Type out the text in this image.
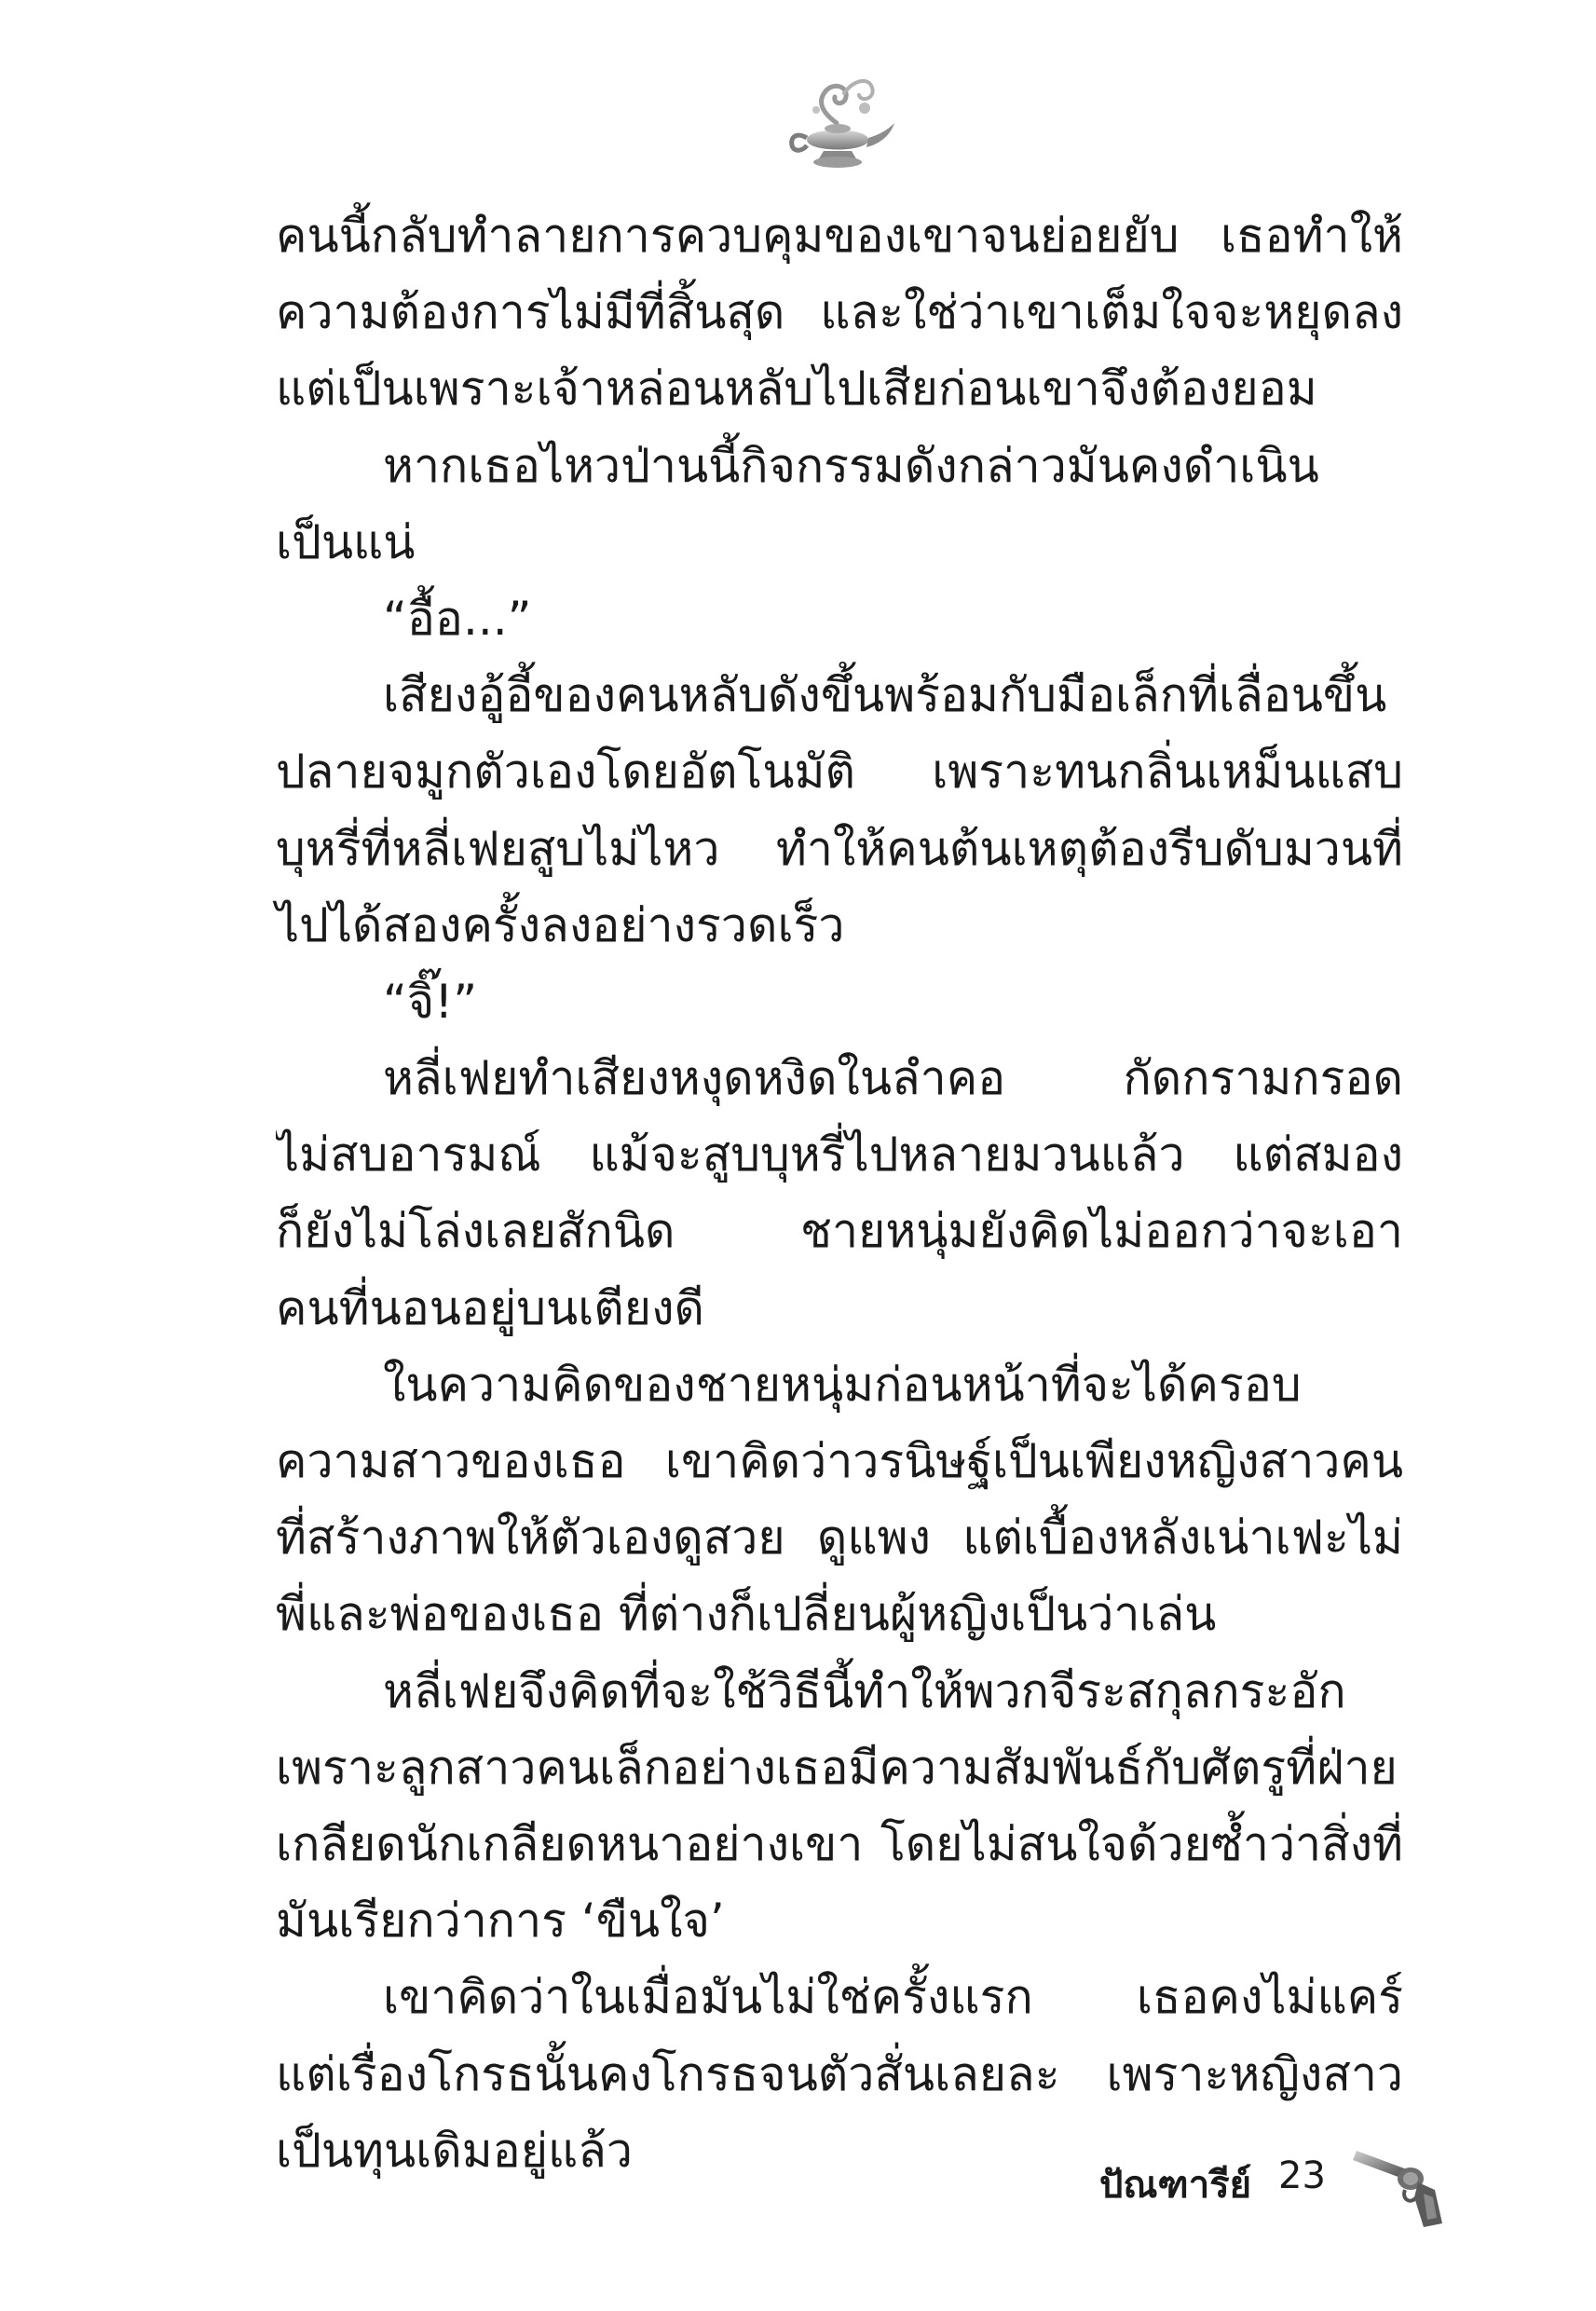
คนนี้กลับทำลายการควบคุมของเขาจนย่อยยับ เธอทำให้
ความต้องการไม่มีที่สิ้นสุด และใช่ว่าเขาเต็มใจจะหยุดลง
แต่เป็นเพราะเจ้าหล่อนหลับไปเสียก่อนเขาจึงต้องยอม
หากเธอไหวป่านนี้กิจกรรมดังกล่าวมันคงดำเนิน
เป็นแน่
“อื้อ...”
เสียงอู้อี้ของคนหลับดังขึ้นพร้อมกับมือเล็กที่เลื่อนขึ้น
ปลายจมูกตัวเองโดยอัตโนมัติ เพราะทนกลิ่นเหม็นแสบ
บุหรี่ที่หลี่เฟยสูบไม่ไหว ทำให้คนต้นเหตุต้องรีบดับมวนที่
ไปได้สองครั้งลงอย่างรวดเร็ว
“จิ๊!”
หลี่เฟยทำเสียงหงุดหงิดในลำคอ กัดกรามกรอด
ไม่สบอารมณ์ แม้จะสูบบุหรี่ไปหลายมวนแล้ว แต่สมอง
ก็ยังไม่โล่งเลยสักนิด ชายหนุ่มยังคิดไม่ออกว่าจะเอา
คนที่นอนอยู่บนเตียงดี
ในความคิดของชายหนุ่มก่อนหน้าที่จะได้ครอบ
ความสาวของเธอ เขาคิดว่าวรนิษฐ์เป็นเพียงหญิงสาวคน
ที่สร้างภาพให้ตัวเองดูสวย ดูแพง แต่เบื้องหลังเน่าเฟะไม่
พี่และพ่อของเธอ ที่ต่างก็เปลี่ยนผู้หญิงเป็นว่าเล่น
หลี่เฟยจึงคิดที่จะใช้วิธีนี้ทำให้พวกจีระสกุลกระอัก
เพราะลูกสาวคนเล็กอย่างเธอมีความสัมพันธ์กับศัตรูที่ฝ่าย
เกลียดนักเกลียดหนาอย่างเขา โดยไม่สนใจด้วยซ้ำว่าสิ่งที่
มันเรียกว่าการ ‘ขืนใจ’
เขาคิดว่าในเมื่อมันไม่ใช่ครั้งแรก เธอคงไม่แคร์
แต่เรื่องโกรธนั้นคงโกรธจนตัวสั่นเลยละ เพราะหญิงสาว
เป็นทุนเดิมอยู่แล้ว
ปัณฑารีย์ 23
